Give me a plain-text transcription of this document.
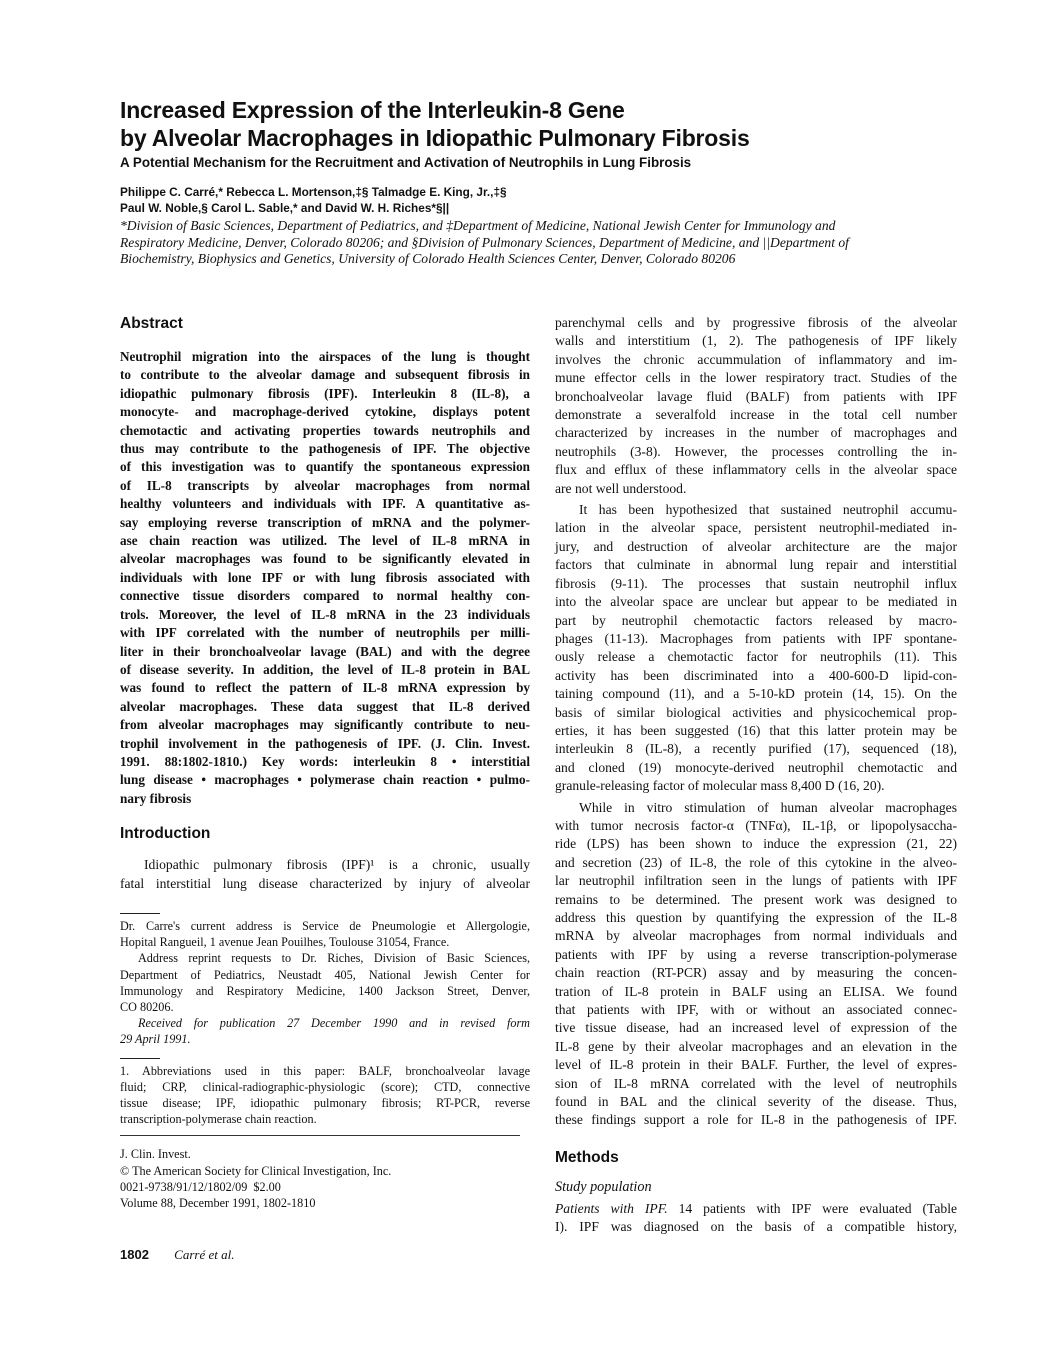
Increased Expression of the Interleukin-8 Gene
by Alveolar Macrophages in Idiopathic Pulmonary Fibrosis
A Potential Mechanism for the Recruitment and Activation of Neutrophils in Lung Fibrosis
Philippe C. Carré,* Rebecca L. Mortenson,‡§ Talmadge E. King, Jr.,‡§
Paul W. Noble,§ Carol L. Sable,* and David W. H. Riches*§||
*Division of Basic Sciences, Department of Pediatrics, and ‡Department of Medicine, National Jewish Center for Immunology and
Respiratory Medicine, Denver, Colorado 80206; and §Division of Pulmonary Sciences, Department of Medicine, and ||Department of
Biochemistry, Biophysics and Genetics, University of Colorado Health Sciences Center, Denver, Colorado 80206
Abstract
Neutrophil migration into the airspaces of the lung is thought
to contribute to the alveolar damage and subsequent fibrosis in
idiopathic pulmonary fibrosis (IPF). Interleukin 8 (IL-8), a
monocyte- and macrophage-derived cytokine, displays potent
chemotactic and activating properties towards neutrophils and
thus may contribute to the pathogenesis of IPF. The objective
of this investigation was to quantify the spontaneous expression
of IL-8 transcripts by alveolar macrophages from normal
healthy volunteers and individuals with IPF. A quantitative as-
say employing reverse transcription of mRNA and the polymer-
ase chain reaction was utilized. The level of IL-8 mRNA in
alveolar macrophages was found to be significantly elevated in
individuals with lone IPF or with lung fibrosis associated with
connective tissue disorders compared to normal healthy con-
trols. Moreover, the level of IL-8 mRNA in the 23 individuals
with IPF correlated with the number of neutrophils per milli-
liter in their bronchoalveolar lavage (BAL) and with the degree
of disease severity. In addition, the level of IL-8 protein in BAL
was found to reflect the pattern of IL-8 mRNA expression by
alveolar macrophages. These data suggest that IL-8 derived
from alveolar macrophages may significantly contribute to neu-
trophil involvement in the pathogenesis of IPF. (J. Clin. Invest.
1991. 88:1802-1810.) Key words: interleukin 8 • interstitial
lung disease • macrophages • polymerase chain reaction • pulmo-
nary fibrosis
Introduction
Idiopathic pulmonary fibrosis (IPF)¹ is a chronic, usually
fatal interstitial lung disease characterized by injury of alveolar
Dr. Carre's current address is Service de Pneumologie et Allergologie,
Hopital Rangueil, 1 avenue Jean Pouilhes, Toulouse 31054, France.
Address reprint requests to Dr. Riches, Division of Basic Sciences,
Department of Pediatrics, Neustadt 405, National Jewish Center for
Immunology and Respiratory Medicine, 1400 Jackson Street, Denver,
CO 80206.
Received for publication 27 December 1990 and in revised form
29 April 1991.
1. Abbreviations used in this paper: BALF, bronchoalveolar lavage
fluid; CRP, clinical-radiographic-physiologic (score); CTD, connective
tissue disease; IPF, idiopathic pulmonary fibrosis; RT-PCR, reverse
transcription-polymerase chain reaction.
J. Clin. Invest.
© The American Society for Clinical Investigation, Inc.
0021-9738/91/12/1802/09  $2.00
Volume 88, December 1991, 1802-1810
parenchymal cells and by progressive fibrosis of the alveolar
walls and interstitium (1, 2). The pathogenesis of IPF likely
involves the chronic accummulation of inflammatory and im-
mune effector cells in the lower respiratory tract. Studies of the
bronchoalveolar lavage fluid (BALF) from patients with IPF
demonstrate a severalfold increase in the total cell number
characterized by increases in the number of macrophages and
neutrophils (3-8). However, the processes controlling the in-
flux and efflux of these inflammatory cells in the alveolar space
are not well understood.
It has been hypothesized that sustained neutrophil accumu-
lation in the alveolar space, persistent neutrophil-mediated in-
jury, and destruction of alveolar architecture are the major
factors that culminate in abnormal lung repair and interstitial
fibrosis (9-11). The processes that sustain neutrophil influx
into the alveolar space are unclear but appear to be mediated in
part by neutrophil chemotactic factors released by macro-
phages (11-13). Macrophages from patients with IPF spontane-
ously release a chemotactic factor for neutrophils (11). This
activity has been discriminated into a 400-600-D lipid-con-
taining compound (11), and a 5-10-kD protein (14, 15). On the
basis of similar biological activities and physicochemical prop-
erties, it has been suggested (16) that this latter protein may be
interleukin 8 (IL-8), a recently purified (17), sequenced (18),
and cloned (19) monocyte-derived neutrophil chemotactic and
granule-releasing factor of molecular mass 8,400 D (16, 20).
While in vitro stimulation of human alveolar macrophages
with tumor necrosis factor-α (TNFα), IL-1β, or lipopolysaccha-
ride (LPS) has been shown to induce the expression (21, 22)
and secretion (23) of IL-8, the role of this cytokine in the alveo-
lar neutrophil infiltration seen in the lungs of patients with IPF
remains to be determined. The present work was designed to
address this question by quantifying the expression of the IL-8
mRNA by alveolar macrophages from normal individuals and
patients with IPF by using a reverse transcription-polymerase
chain reaction (RT-PCR) assay and by measuring the concen-
tration of IL-8 protein in BALF using an ELISA. We found
that patients with IPF, with or without an associated connec-
tive tissue disease, had an increased level of expression of the
IL-8 gene by their alveolar macrophages and an elevation in the
level of IL-8 protein in their BALF. Further, the level of expres-
sion of IL-8 mRNA correlated with the level of neutrophils
found in BAL and the clinical severity of the disease. Thus,
these findings support a role for IL-8 in the pathogenesis of IPF.
Methods
Study population
Patients with IPF. 14 patients with IPF were evaluated (Table
I). IPF was diagnosed on the basis of a compatible history,
1802 Carré et al.
